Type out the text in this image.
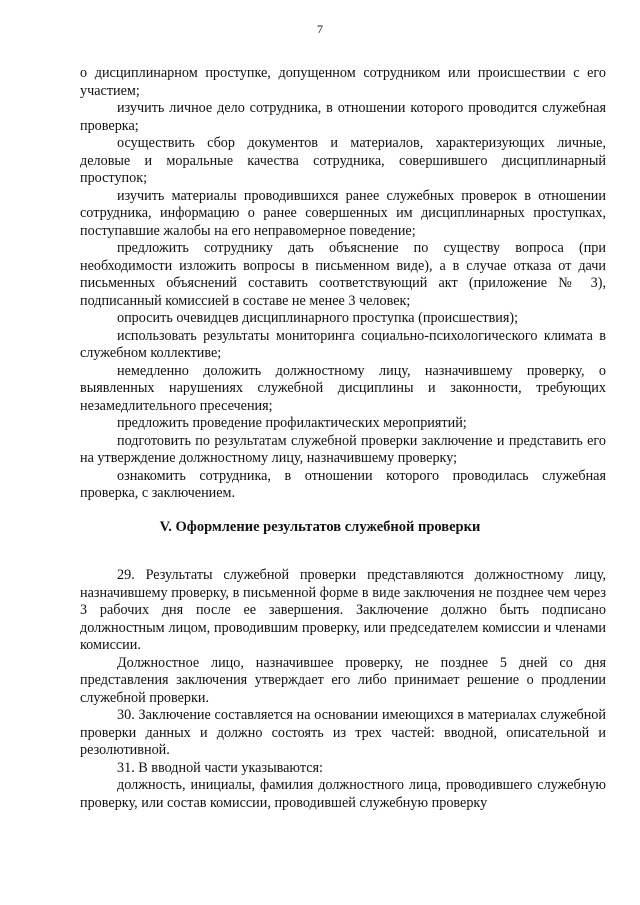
7

о дисциплинарном проступке, допущенном сотрудником или происшествии с его участием;

изучить личное дело сотрудника, в отношении которого проводится служебная проверка;

осуществить сбор документов и материалов, характеризующих личные, деловые и моральные качества сотрудника, совершившего дисциплинарный проступок;

изучить материалы проводившихся ранее служебных проверок в отношении сотрудника, информацию о ранее совершенных им дисциплинарных проступках, поступавшие жалобы на его неправомерное поведение;

предложить сотруднику дать объяснение по существу вопроса (при необходимости изложить вопросы в письменном виде), а в случае отказа от дачи письменных объяснений составить соответствующий акт (приложение № 3), подписанный комиссией в составе не менее 3 человек;

опросить очевидцев дисциплинарного проступка (происшествия);

использовать результаты мониторинга социально-психологического климата в служебном коллективе;

немедленно доложить должностному лицу, назначившему проверку, о выявленных нарушениях служебной дисциплины и законности, требующих незамедлительного пресечения;

предложить проведение профилактических мероприятий;

подготовить по результатам служебной проверки заключение и представить его на утверждение должностному лицу, назначившему проверку;

ознакомить сотрудника, в отношении которого проводилась служебная проверка, с заключением.

V. Оформление результатов служебной проверки

29. Результаты служебной проверки представляются должностному лицу, назначившему проверку, в письменной форме в виде заключения не позднее чем через 3 рабочих дня после ее завершения. Заключение должно быть подписано должностным лицом, проводившим проверку, или председателем комиссии и членами комиссии.

Должностное лицо, назначившее проверку, не позднее 5 дней со дня представления заключения утверждает его либо принимает решение о продлении служебной проверки.

30. Заключение составляется на основании имеющихся в материалах служебной проверки данных и должно состоять из трех частей: вводной, описательной и резолютивной.

31. В вводной части указываются:

должность, инициалы, фамилия должностного лица, проводившего служебную проверку, или состав комиссии, проводившей служебную проверку
